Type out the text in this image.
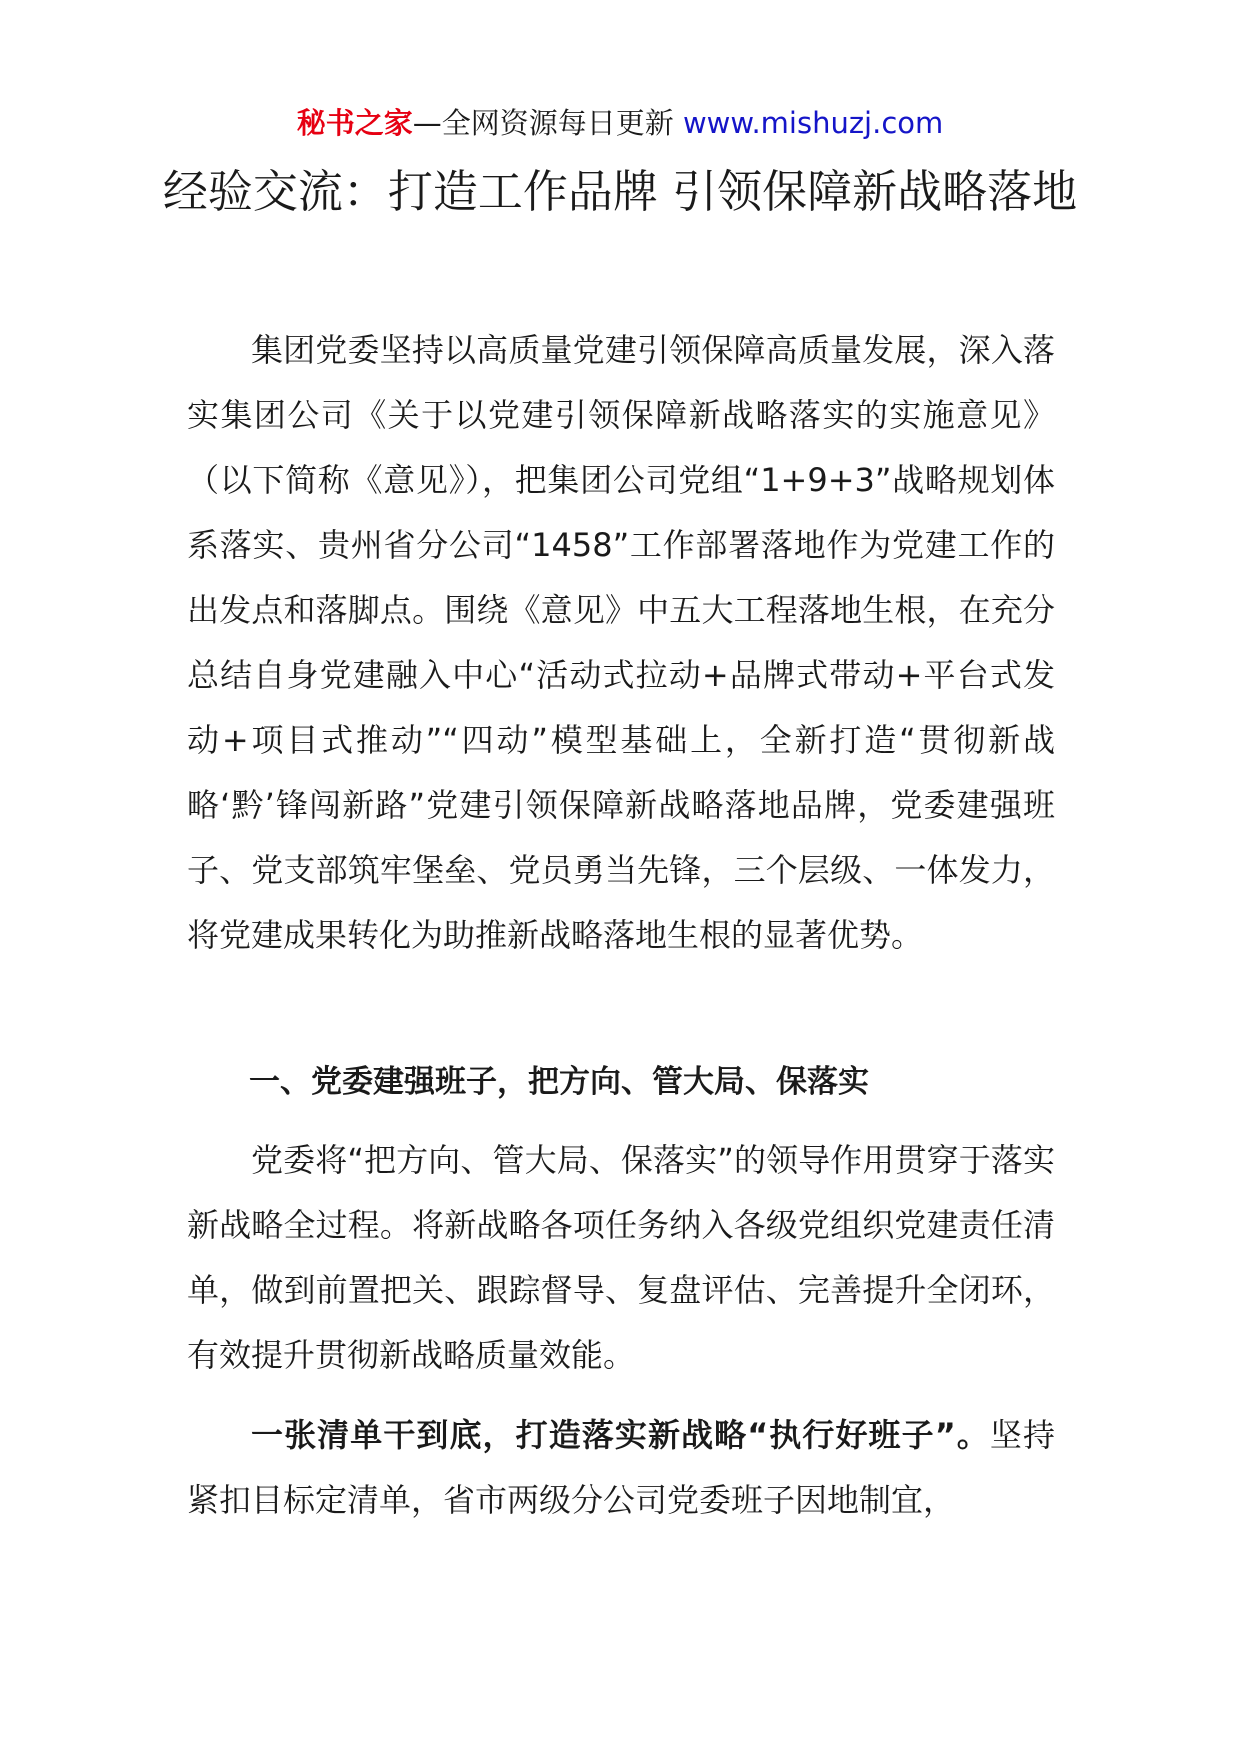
秘书之家—全网资源每日更新 www.mishuzj.com
经验交流：打造工作品牌 引领保障新战略落地

集团党委坚持以高质量党建引领保障高质量发展，深入落实集团公司《关于以党建引领保障新战略落实的实施意见》（以下简称《意见》），把集团公司党组“1+9+3”战略规划体系落实、贵州省分公司“1458”工作部署落地作为党建工作的出发点和落脚点。围绕《意见》中五大工程落地生根，在充分总结自身党建融入中心“活动式拉动+品牌式带动+平台式发动+项目式推动”“四动”模型基础上，全新打造“贯彻新战略‘黔’锋闯新路”党建引领保障新战略落地品牌，党委建强班子、党支部筑牢堡垒、党员勇当先锋，三个层级、一体发力，将党建成果转化为助推新战略落地生根的显著优势。

一、党委建强班子，把方向、管大局、保落实

党委将“把方向、管大局、保落实”的领导作用贯穿于落实新战略全过程。将新战略各项任务纳入各级党组织党建责任清单，做到前置把关、跟踪督导、复盘评估、完善提升全闭环，有效提升贯彻新战略质量效能。

一张清单干到底，打造落实新战略“执行好班子”。坚持紧扣目标定清单，省市两级分公司党委班子因地制宜，
